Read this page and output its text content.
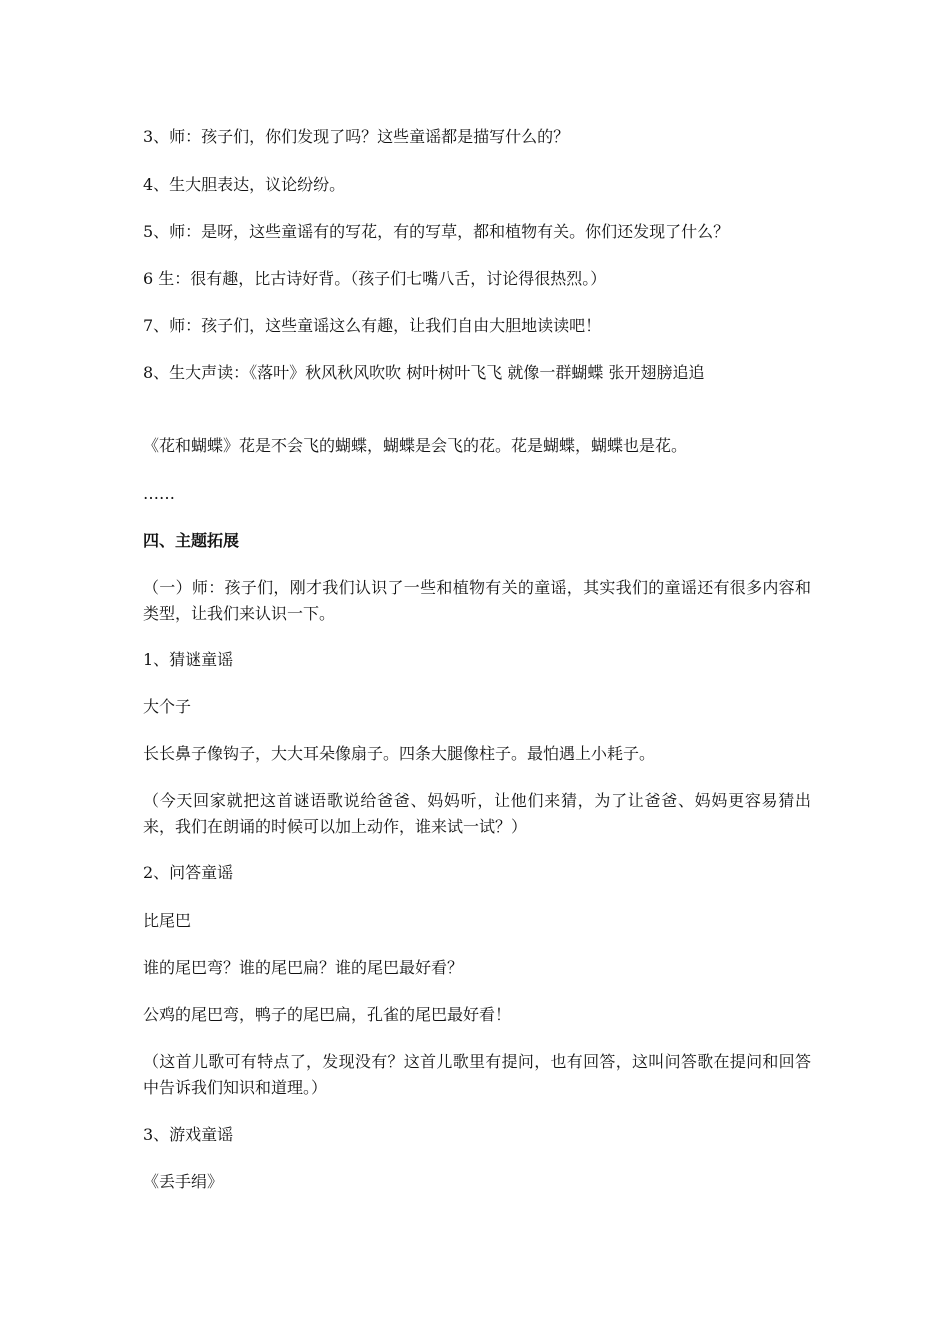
3、师：孩子们，你们发现了吗？这些童谣都是描写什么的？

4、生大胆表达，议论纷纷。

5、师：是呀，这些童谣有的写花，有的写草，都和植物有关。你们还发现了什么？

6 生：很有趣，比古诗好背。（孩子们七嘴八舌，讨论得很热烈。）

7、师：孩子们，这些童谣这么有趣，让我们自由大胆地读读吧！

8、生大声读：《落叶》秋风秋风吹吹 树叶树叶飞飞 就像一群蝴蝶 张开翅膀追追

《花和蝴蝶》花是不会飞的蝴蝶，蝴蝶是会飞的花。花是蝴蝶，蝴蝶也是花。

……

四、主题拓展

（一）师：孩子们，刚才我们认识了一些和植物有关的童谣，其实我们的童谣还有很多内容和类型，让我们来认识一下。

1、猜谜童谣

大个子

长长鼻子像钩子，大大耳朵像扇子。四条大腿像柱子。最怕遇上小耗子。

（今天回家就把这首谜语歌说给爸爸、妈妈听，让他们来猜，为了让爸爸、妈妈更容易猜出来，我们在朗诵的时候可以加上动作，谁来试一试？）

2、问答童谣

比尾巴

谁的尾巴弯？谁的尾巴扁？谁的尾巴最好看？

公鸡的尾巴弯，鸭子的尾巴扁，孔雀的尾巴最好看！

（这首儿歌可有特点了，发现没有？这首儿歌里有提问，也有回答，这叫问答歌在提问和回答中告诉我们知识和道理。）

3、游戏童谣

《丢手绢》
